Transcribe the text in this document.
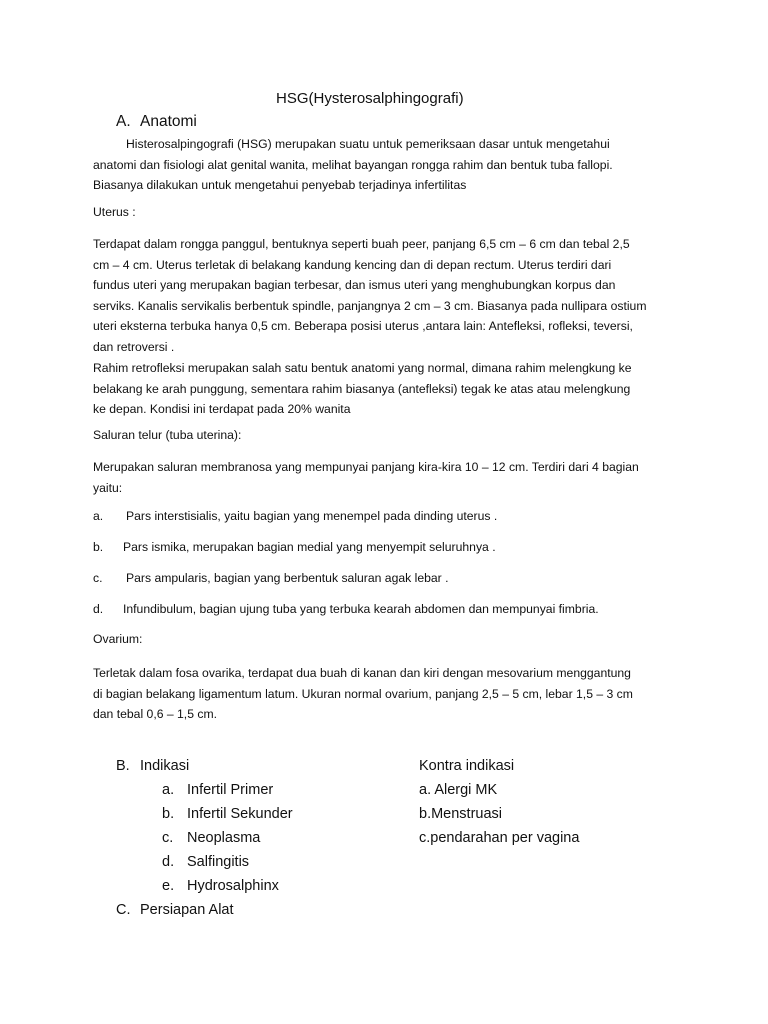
HSG(Hysterosalphingografi)
A. Anatomi
Histerosalpingografi (HSG) merupakan suatu untuk pemeriksaan dasar untuk mengetahui
anatomi dan fisiologi alat genital wanita, melihat bayangan rongga rahim dan bentuk tuba fallopi.
Biasanya dilakukan untuk mengetahui penyebab terjadinya infertilitas
Uterus :
Terdapat dalam rongga panggul, bentuknya seperti buah peer, panjang 6,5 cm – 6 cm dan tebal 2,5
cm – 4 cm. Uterus terletak di belakang kandung kencing dan di depan rectum. Uterus terdiri dari
fundus uteri yang merupakan bagian terbesar, dan ismus uteri yang menghubungkan korpus dan
serviks. Kanalis servikalis berbentuk spindle, panjangnya 2 cm – 3 cm. Biasanya pada nullipara ostium
uteri eksterna terbuka hanya 0,5 cm. Beberapa posisi uterus ,antara lain: Antefleksi, rofleksi, teversi,
dan retroversi .
Rahim retrofleksi merupakan salah satu bentuk anatomi yang normal, dimana rahim melengkung ke
belakang ke arah punggung, sementara rahim biasanya (antefleksi) tegak ke atas atau melengkung
ke depan. Kondisi ini terdapat pada 20% wanita
Saluran telur (tuba uterina):
Merupakan saluran membranosa yang mempunyai panjang kira-kira 10 – 12 cm. Terdiri dari 4 bagian
yaitu:
a. Pars interstisialis, yaitu bagian yang menempel pada dinding uterus .
b. Pars ismika, merupakan bagian medial yang menyempit seluruhnya .
c. Pars ampularis, bagian yang berbentuk saluran agak lebar .
d. Infundibulum, bagian ujung tuba yang terbuka kearah abdomen dan mempunyai fimbria.
Ovarium:
Terletak dalam fosa ovarika, terdapat dua buah di kanan dan kiri dengan mesovarium menggantung
di bagian belakang ligamentum latum. Ukuran normal ovarium, panjang 2,5 – 5 cm, lebar 1,5 – 3 cm
dan tebal 0,6 – 1,5 cm.
B. Indikasi
a. Infertil Primer
b. Infertil Sekunder
c. Neoplasma
d. Salfingitis
e. Hydrosalphinx
Kontra indikasi
a. Alergi MK
b.Menstruasi
c.pendarahan per vagina
C. Persiapan Alat
